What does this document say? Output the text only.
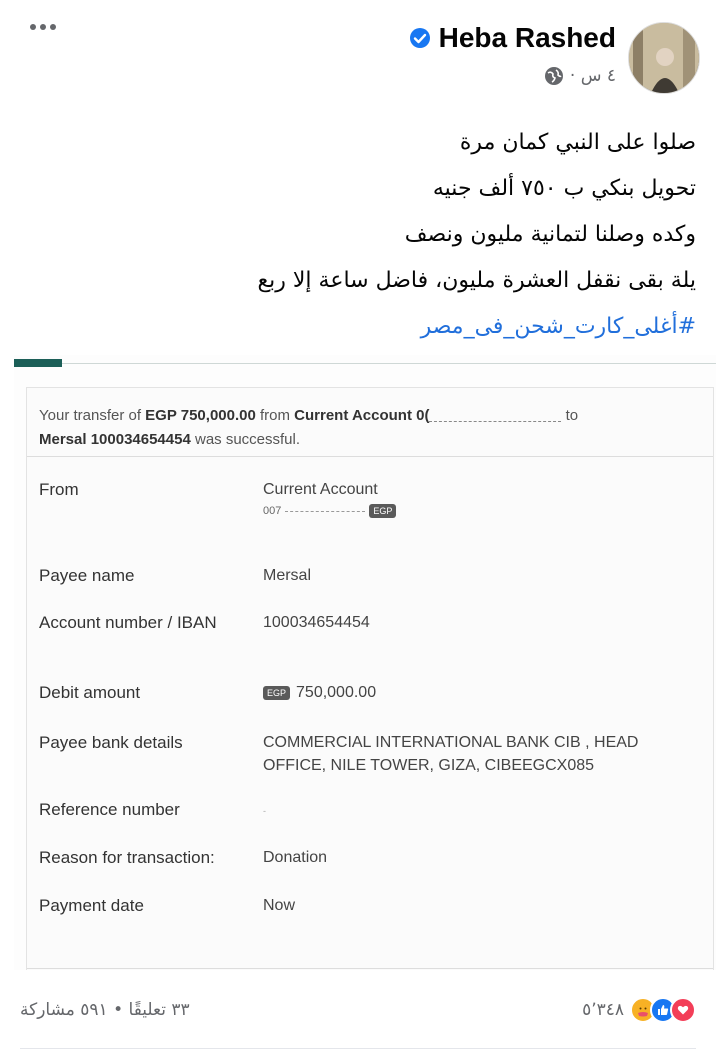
Heba Rashed
٤ س ·
صلوا على النبي كمان مرة
تحويل بنكي ب ٧٥٠ ألف جنيه
وكده وصلنا لتمانية مليون ونصف
يلة بقى نقفل العشرة مليون، فاضل ساعة إلا ربع
#أغلى_كارت_شحن_فى_مصر
Your transfer of EGP 750,000.00 from Current Account 0(	to
Mersal 100034654454 was successful.
From	Current Account
007	EGP
Payee name	Mersal
Account number / IBAN	100034654454
Debit amount	EGP 750,000.00
Payee bank details	COMMERCIAL INTERNATIONAL BANK CIB , HEAD OFFICE, NILE TOWER, GIZA, CIBEEGCX085
Reference number	-
Reason for transaction:	Donation
Payment date	Now
٣٣ تعليقًا • ٥٩١ مشاركة	٥٬٣٤٨
